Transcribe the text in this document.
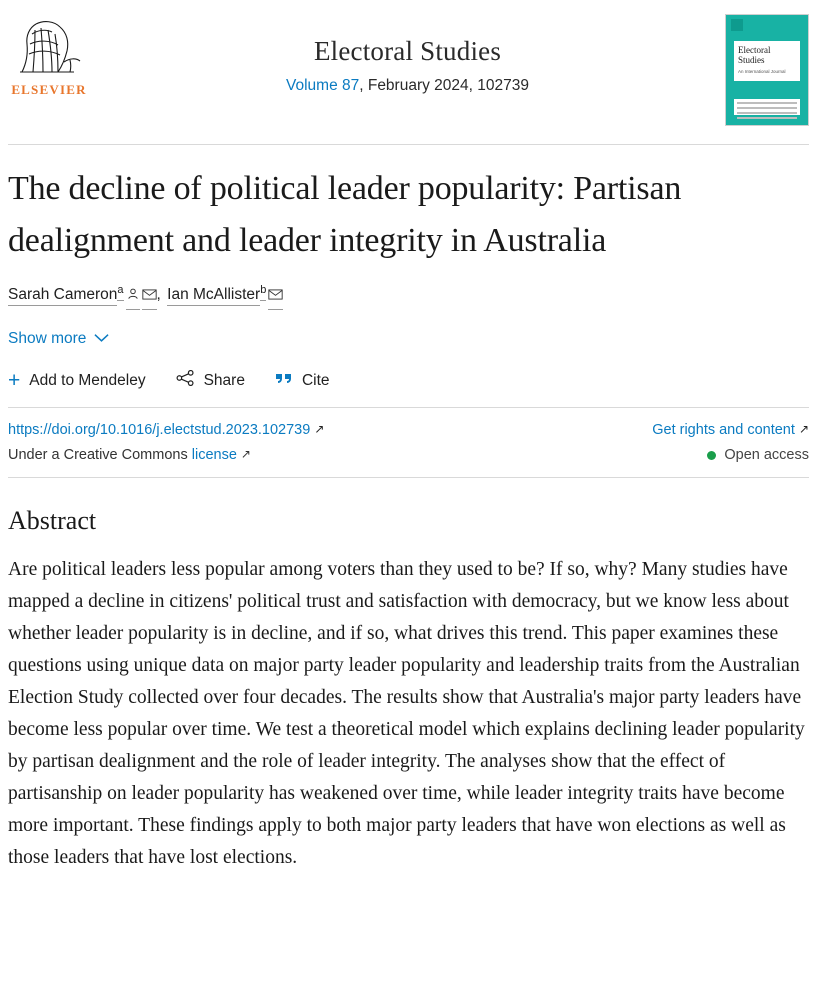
ELSEVIER
Electoral Studies
Volume 87, February 2024, 102739
Electoral Studies
An International Journal
The decline of political leader popularity: Partisan dealignment and leader integrity in Australia
Sarah Cameron$^a$ , Ian McAllister$^b$
Show more
+ Add to Mendeley	Share	Cite
https://doi.org/10.1016/j.electstud.2023.102739 ↗	Get rights and content ↗
Under a Creative Commons license ↗	Open access
Abstract

Are political leaders less popular among voters than they used to be? If so, why? Many studies have mapped a decline in citizens' political trust and satisfaction with democracy, but we know less about whether leader popularity is in decline, and if so, what drives this trend. This paper examines these questions using unique data on major party leader popularity and leadership traits from the Australian Election Study collected over four decades. The results show that Australia's major party leaders have become less popular over time. We test a theoretical model which explains declining leader popularity by partisan dealignment and the role of leader integrity. The analyses show that the effect of partisanship on leader popularity has weakened over time, while leader integrity traits have become more important. These findings apply to both major party leaders that have won elections as well as those leaders that have lost elections.
